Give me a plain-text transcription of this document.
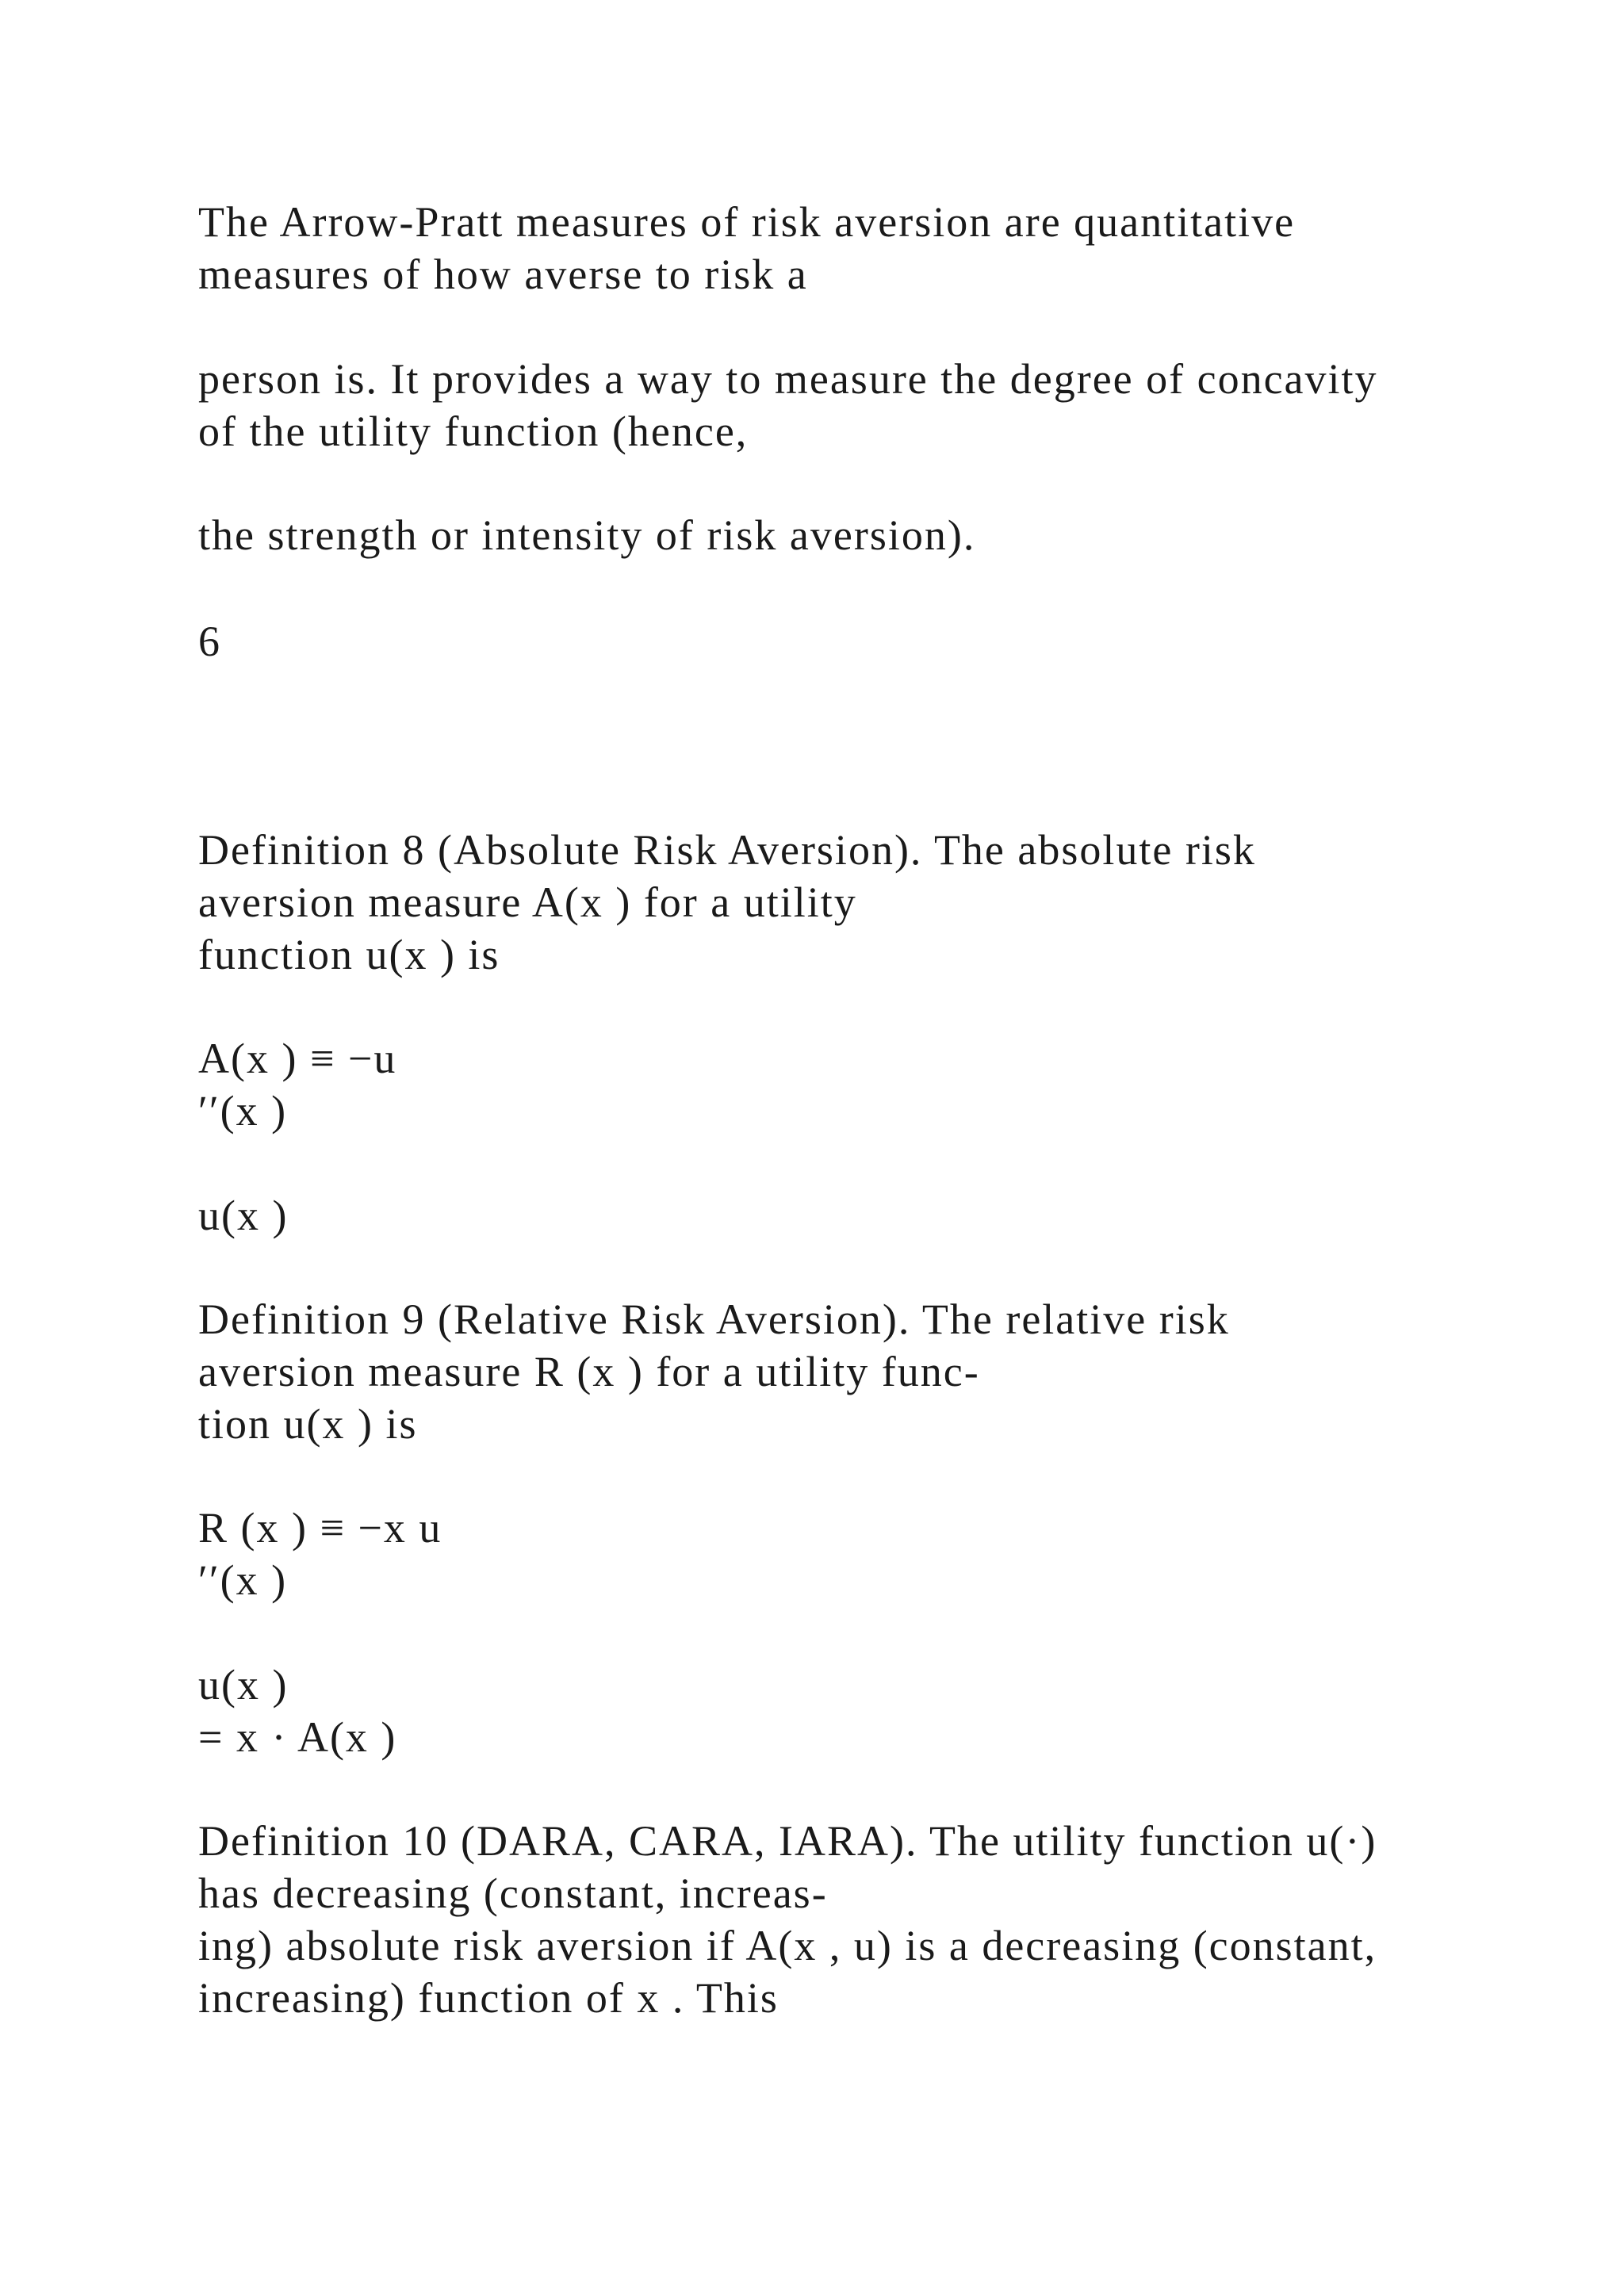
The Arrow-Pratt measures of risk aversion are quantitative
measures of how averse to risk a
person is. It provides a way to measure the degree of concavity
of the utility function (hence,
the strength or intensity of risk aversion).
6
Definition 8 (Absolute Risk Aversion). The absolute risk
aversion measure A(x ) for a utility
function u(x ) is
A(x ) ≡ −u
′′(x )
u(x )
Definition 9 (Relative Risk Aversion). The relative risk
aversion measure R (x ) for a utility func-
tion u(x ) is
R (x ) ≡ −x u
′′(x )
u(x )
= x · A(x )
Definition 10 (DARA, CARA, IARA). The utility function u(·)
has decreasing (constant, increas-
ing) absolute risk aversion if A(x , u) is a decreasing (constant,
increasing) function of x . This
